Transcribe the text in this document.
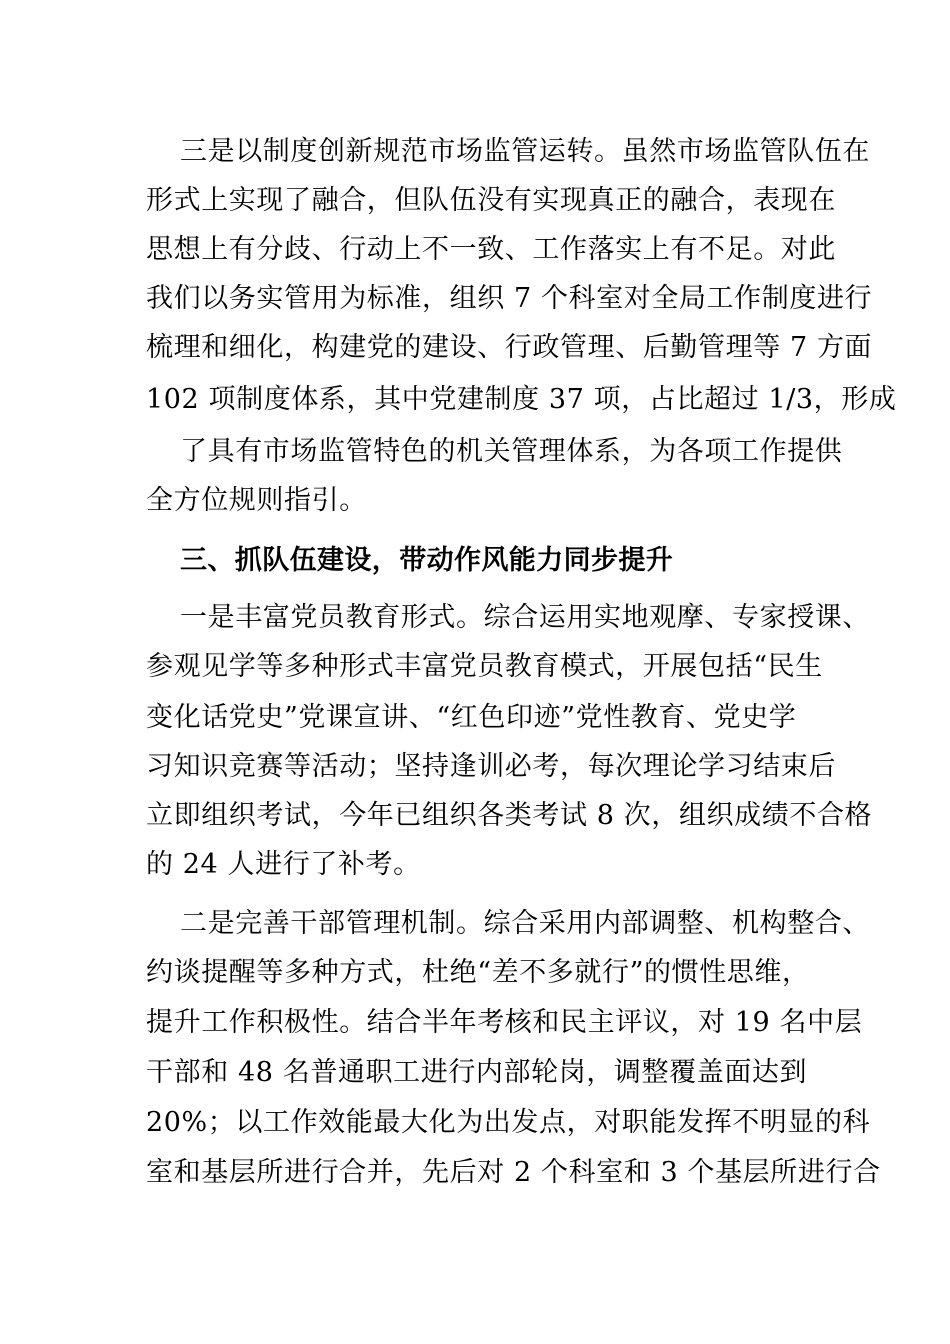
三是以制度创新规范市场监管运转。虽然市场监管队伍在

形式上实现了融合，但队伍没有实现真正的融合，表现在

思想上有分歧、行动上不一致、工作落实上有不足。对此

我们以务实管用为标准，组织 7 个科室对全局工作制度进行

梳理和细化，构建党的建设、行政管理、后勤管理等 7 方面

102 项制度体系，其中党建制度 37 项，占比超过 1/3，形成

了具有市场监管特色的机关管理体系，为各项工作提供

全方位规则指引。

三、抓队伍建设，带动作风能力同步提升

一是丰富党员教育形式。综合运用实地观摩、专家授课、

参观见学等多种形式丰富党员教育模式，开展包括“民生

变化话党史”党课宣讲、“红色印迹”党性教育、党史学

习知识竞赛等活动；坚持逢训必考，每次理论学习结束后

立即组织考试，今年已组织各类考试 8 次，组织成绩不合格

的 24 人进行了补考。

二是完善干部管理机制。综合采用内部调整、机构整合、

约谈提醒等多种方式，杜绝“差不多就行”的惯性思维，

提升工作积极性。结合半年考核和民主评议，对 19 名中层

干部和 48 名普通职工进行内部轮岗，调整覆盖面达到

20%；以工作效能最大化为出发点，对职能发挥不明显的科

室和基层所进行合并，先后对 2 个科室和 3 个基层所进行合
